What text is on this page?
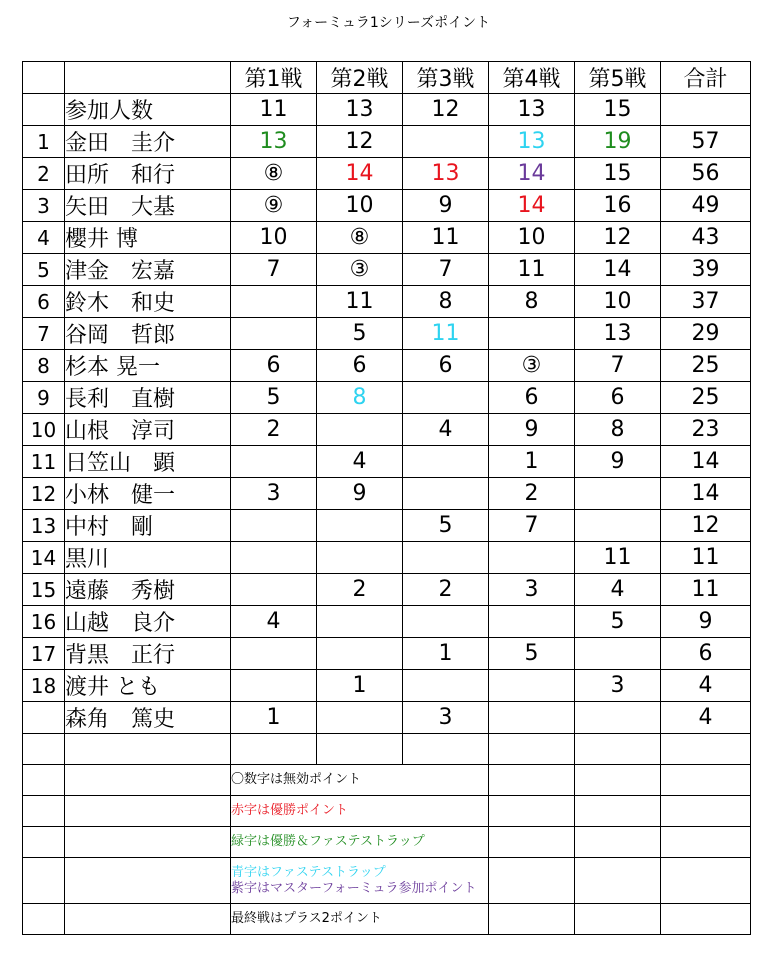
フォーミュラ1シリーズポイント
		第1戦	第2戦	第3戦	第4戦	第5戦	合計
	参加人数	11	13	12	13	15	
1	金田　圭介	13	12		13	19	57
2	田所　和行	⑧	14	13	14	15	56
3	矢田　大基	⑨	10	9	14	16	49
4	櫻井 博	10	⑧	11	10	12	43
5	津金　宏嘉	7	③	7	11	14	39
6	鈴木　和史		11	8	8	10	37
7	谷岡　哲郎		5	11		13	29
8	杉本 晃一	6	6	6	③	7	25
9	長利　直樹	5	8		6	6	25
10	山根　淳司	2		4	9	8	23
11	日笠山　顕		4		1	9	14
12	小林　健一	3	9		2		14
13	中村　剛			5	7		12
14	黒川					11	11
15	遠藤　秀樹		2	2	3	4	11
16	山越　良介	4				5	9
17	背黒　正行			1	5		6
18	渡井 とも		1			3	4
	森角　篤史	1		3			4

		〇数字は無効ポイント					

		赤字は優勝ポイント					

		緑字は優勝＆ファステストラップ					

		青字はファステストラップ
紫字はマスターフォーミュラ参加ポイント					

		最終戦はプラス2ポイント					
